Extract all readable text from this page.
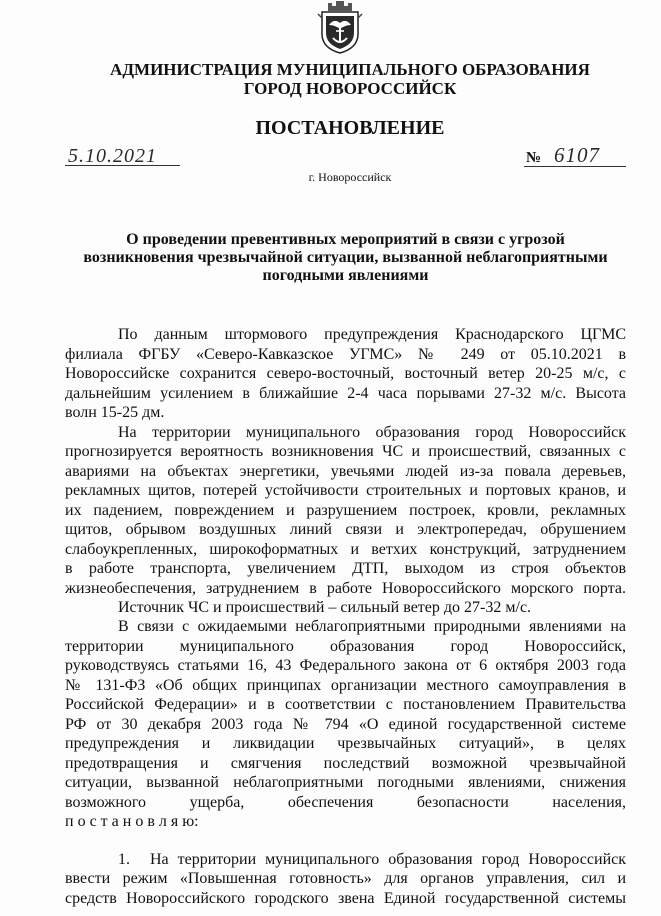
АДМИНИСТРАЦИЯ МУНИЦИПАЛЬНОГО ОБРАЗОВАНИЯ
ГОРОД НОВОРОССИЙСК
ПОСТАНОВЛЕНИЕ
5.10.2021	№ 6107
г. Новороссийск
О проведении превентивных мероприятий в связи с угрозой
возникновения чрезвычайной ситуации, вызванной неблагоприятными
погодными явлениями
По данным штормового предупреждения Краснодарского ЦГМС
филиала ФГБУ «Северо-Кавказское УГМС» № 249 от 05.10.2021 в
Новороссийске сохранится северо-восточный, восточный ветер 20-25 м/с, с
дальнейшим усилением в ближайшие 2-4 часа порывами 27-32 м/с. Высота
волн 15-25 дм.
На территории муниципального образования город Новороссийск
прогнозируется вероятность возникновения ЧС и происшествий, связанных с
авариями на объектах энергетики, увечьями людей из-за повала деревьев,
рекламных щитов, потерей устойчивости строительных и портовых кранов, и
их падением, повреждением и разрушением построек, кровли, рекламных
щитов, обрывом воздушных линий связи и электропередач, обрушением
слабоукрепленных, широкоформатных и ветхих конструкций, затруднением
в работе транспорта, увеличением ДТП, выходом из строя объектов
жизнеобеспечения, затруднением в работе Новороссийского морского порта.
Источник ЧС и происшествий – сильный ветер до 27-32 м/с.
В связи с ожидаемыми неблагоприятными природными явлениями на
территории муниципального образования город Новороссийск,
руководствуясь статьями 16, 43 Федерального закона от 6 октября 2003 года
№ 131-ФЗ «Об общих принципах организации местного самоуправления в
Российской Федерации» и в соответствии с постановлением Правительства
РФ от 30 декабря 2003 года № 794 «О единой государственной системе
предупреждения и ликвидации чрезвычайных ситуаций», в целях
предотвращения и смягчения последствий возможной чрезвычайной
ситуации, вызванной неблагоприятными погодными явлениями, снижения
возможного ущерба, обеспечения безопасности населения,
п о с т а н о в л я ю:
1. На территории муниципального образования город Новороссийск
ввести режим «Повышенная готовность» для органов управления, сил и
средств Новороссийского городского звена Единой государственной системы
